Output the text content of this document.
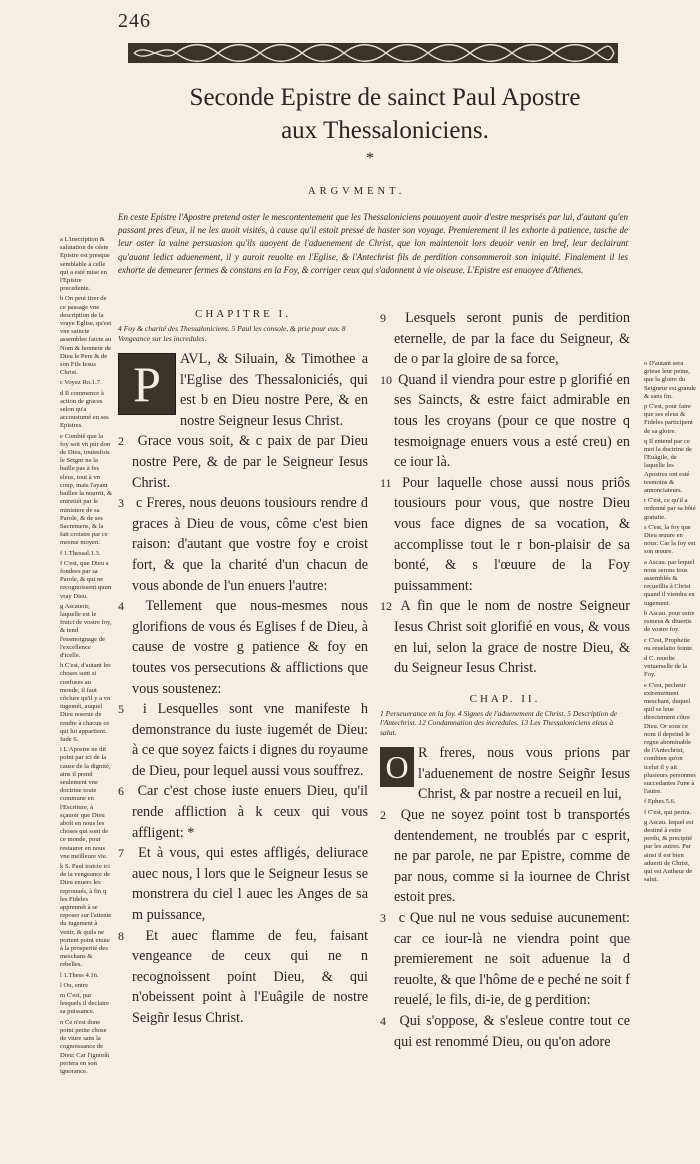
246
Seconde Epistre de sainct Paul Apostre
aux Thessaloniciens.
*
ARGVMENT.
En ceste Epistre l'Apostre pretend oster le mescontentement que les Thessaloniciens pouuoyent auoir d'estre mesprisés par lui, d'autant qu'en passant pres d'eux, il ne les auoit visités, à cause qu'il estoit pressé de haster son voyage. Premierement il les exhorte à patience, tasche de leur oster la vaine persuasion qu'ils auoyent de l'aduenement de Christ, que lon maintenoit lors deuoir venir en bref, leur declairant qu'auant ledict aduenement, il y auroit reuolte en l'Eglise, & l'Antechrist fils de perdition consommeroit son iniquité. Finalement il les exhorte de demeurer fermes & constans en la Foy, & corriger ceux qui s'adonnent à vie oiseuse. L'Epistre est enuoyee d'Athenes.

a L'inscription & salutation de céste Epistre est presque semblable à celle qui a esté mise en l'Epistre precedente.

b On peut tirer de ce passage vne description de la vraye Eglise, qu'est vne saincte assemblee faicte au Nom & honneur de Dieu le Pere & de son Fils Iesus Christ.

c Voyez Ro.1.7.

d Il commence à action de graces selon qu'a accoustumé en ses Epistres.

e Combié que la foy soit vn pur don de Dieu, toutesfois le Seignr ne la baille pas à fes eleus, tout à vn coup, mais l'ayant baillee la nourrit, & entretiét par le ministere de sa Parole, & de ses Sacremens, & la fait croistre par ce mesme moyen.

f 1.Thessal.1.3.

f C'est, que Dieu a fondees par sa Parole, & qui ne recognoissent quun vray Dieu.

g Ascauoir, laquelle est le fruict de vostre foy, & tend l'essmoignage de l'excellence d'icelle.

h C'est, d'autant les choses sont si confuses au monde, il faut cõclure qu'il y a vn iugemét, auquel Dieu reserue de rendre à chacun ce qui lui appartient. Iude 6.

i L'Apostre ne dit point par ici de la cause de la dignité, ains il prend seulement vne doctrine toute commune en l'Escriture, à sçauoir que Dieu aboît en nous les choses qui sont de ce monde, pour restaurer en nous vne meilleure vie.

k S. Paul traicte ici de la vengeance de Dieu enuers les reprouués, à fin q les Fideles apprennét à se reposer sur l'attente du iugement à venir, & quils ne portent point enuie à la prosperité des meschans & rebelles.

l 1.Thess 4.16.

l Ou, entre

m C'est, par lesquels il declaire sa puissance.

n Ce n'est done point petite chose de viure sans la cognoissance de Dieu: Car l'ignorât periera en son ignorance.

o D'autant sera grieue leur peine, que la gloire du Seigneur est grande & sans fin.

p C'est, pour faire que ses eleus & Fideles participent de sa gloire.

q Il entend par ce mot la doctrine de l'Euãgile, de laquelle les Apostres ont esté tesmoins & annonciateurs.

r C'est, ce qu'il a ordonné par sa bôté gratuite.

s C'est, la foy que Dieu œuure en nous: Car la foy est son œuure.

a Ascau. par lequel nous serons tous assemblés & recueillis à Christ quand il viendra en iugement.

b Ascau. pour estre esmeus & diuertis de vostre foy.

c C'est, Prophetie ou reuelatio feinte.

d C. reuolte vniuerselle de la Foy.

e C'est, pecheur extremement meschant, duquel quil se leue directement côtre Dieu. Or sous ce nom il depeind le regne abominable de l'Antechrist, combien qu'on icelui il y ait plusieurs personnes succedantes l'une à l'autre.

f Ephes.5.6.

f C'est, qui perira.

g Ascau. lequel est destiné à estre perdu, & precipité par les autres. Par ainsi il est bien aduerti de Christ, qui est Autheur de salut.

CHAPITRE I.
4 Foy & charité des Thessaloniciens. 5 Paul les console, & prie pour eux. 8 Vengeance sur les incredules.
P	AVL, & Siluain, & Timothee a l'Eglise des Thessaloniciés, qui est b en Dieu nostre Pere, & en nostre Seigneur Iesus Christ.

2 Grace vous soit, & c paix de par Dieu nostre Pere, & de par le Seigneur Iesus Christ.

3 c Freres, nous deuons tousiours rendre d graces à Dieu de vous, côme c'est bien raison: d'autant que vostre foy e croist fort, & que la charité d'un chacun de vous abonde de l'un enuers l'autre:

4 Tellement que nous-mesmes nous glorifions de vous és Eglises f de Dieu, à cause de vostre g patience & foy en toutes vos persecutions & afflictions que vous soustenez:

5 i Lesquelles sont vne manifeste h demonstrance du iuste iugemét de Dieu: à ce que soyez faicts i dignes du royaume de Dieu, pour lequel aussi vous souffrez.

6 Car c'est chose iuste enuers Dieu, qu'il rende affliction à k ceux qui vous affligent: *

7 Et à vous, qui estes affligés, deliurace auec nous, l lors que le Seigneur Iesus se monstrera du ciel l auec les Anges de sa m puissance,

8 Et auec flamme de feu, faisant vengeance de ceux qui ne n recognoissent point Dieu, & qui n'obeissent point à l'Euâgile de nostre Seigñr Iesus Christ.

9 Lesquels seront punis de perdition eternelle, de par la face du Seigneur, & de o par la gloire de sa force,

10 Quand il viendra pour estre p glorifié en ses Saincts, & estre faict admirable en tous les croyans (pour ce que nostre q tesmoignage enuers vous a esté creu) en ce iour là.

11 Pour laquelle chose aussi nous priôs tousiours pour vous, que nostre Dieu vous face dignes de sa vocation, & accomplisse tout le r bon-plaisir de sa bonté, & s l'œuure de la Foy puissamment:

12 A fin que le nom de nostre Seigneur Iesus Christ soit glorifié en vous, & vous en lui, selon la grace de nostre Dieu, & du Seigneur Iesus Christ.

CHAP. II.
1 Perseuerance en la foy. 4 Signes de l'aduenement de Christ. 5 Description de l'Antechrist. 12 Condamnation des incredules. 13 Les Thessaloniciens eleus à salut.
O R freres, nous vous prions par l'aduenement de nostre Seigñr Iesus Christ, & par nostre a recueil en lui,

2 Que ne soyez point tost b transportés dentendement, ne troublés par c esprit, ne par parole, ne par Epistre, comme de par nous, comme si la iournee de Christ estoit pres.

3 c Que nul ne vous seduise aucunement: car ce iour-là ne viendra point que premierement ne soit aduenue la d reuolte, & que l'hôme de e peché ne soit f reuelé, le fils, di-ie, de g perdition:

4 Qui s'oppose, & s'esleue contre tout ce qui est renommé Dieu, ou qu'on adore
